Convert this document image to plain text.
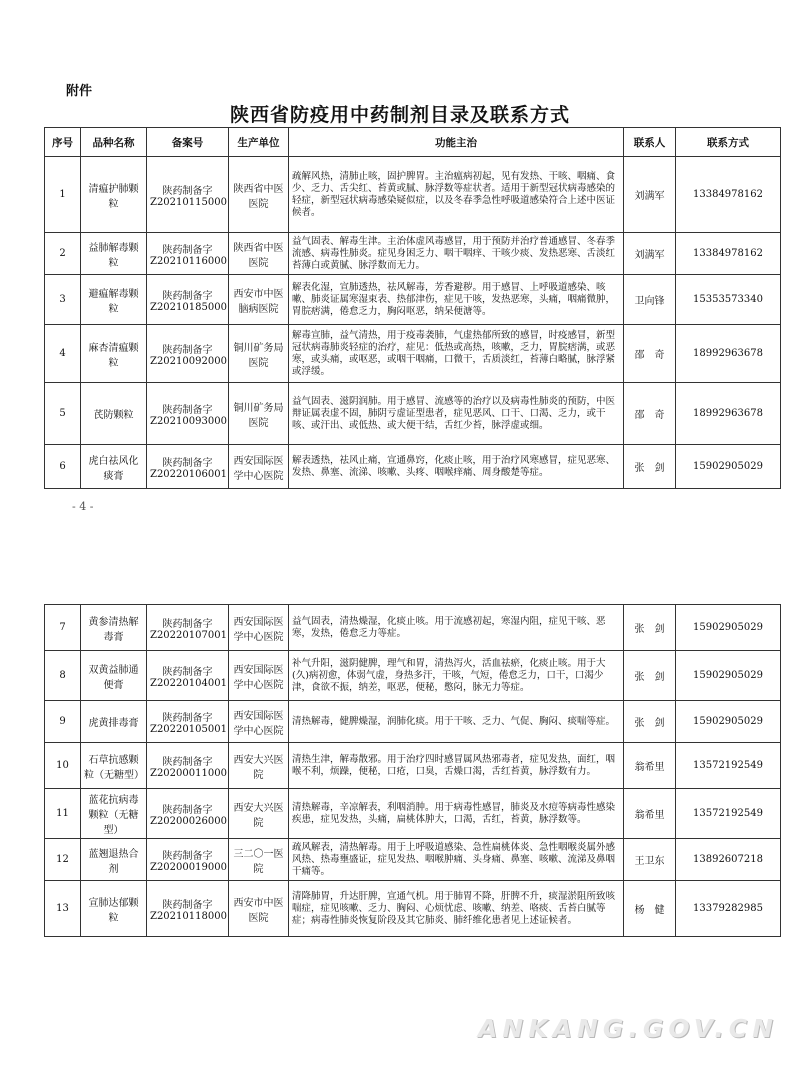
附件
陕西省防疫用中药制剂目录及联系方式
序号	品种名称	备案号	生产单位	功能主治	联系人	联系方式
1	清瘟护肺颗粒	陕药制备字Z20210115000	陕西省中医医院	疏解风热，清肺止咳，固护脾胃。主治瘟病初起，见有发热、干咳、咽痛、食少、乏力、舌尖红、苔黄或腻、脉浮数等症状者。适用于新型冠状病毒感染的轻症，新型冠状病毒感染疑似症，以及冬春季急性呼吸道感染符合上述中医证候者。	刘满军	13384978162
2	益肺解毒颗粒	陕药制备字Z20210116000	陕西省中医医院	益气固表、解毒生津。主治体虚风毒感冒，用于预防并治疗普通感冒、冬春季流感、病毒性肺炎。症见身困乏力、咽干咽痒、干咳少痰、发热恶寒、舌淡红苔薄白或黄腻、脉浮数而无力。	刘满军	13384978162
3	避瘟解毒颗粒	陕药制备字Z20210185000	西安市中医脑病医院	解表化湿，宣肺透热，祛风解毒，芳香避秽。用于感冒、上呼吸道感染、咳嗽、肺炎证属寒湿束表、热郁津伤，症见干咳，发热恶寒，头痛，咽痛微肿，胃脘痞满，倦怠乏力，胸闷呕恶，纳呆便溏等。	卫向锋	15353573340
4	麻杏清瘟颗粒	陕药制备字Z20210092000	铜川矿务局医院	解毒宣肺，益气清热，用于疫毒袭肺，气虚热郁所致的感冒，时疫感冒，新型冠状病毒肺炎轻症的治疗，症见：低热或高热，咳嗽，乏力，胃脘痞满，或恶寒，或头痛，或呕恶，或咽干咽痛，口微干，舌质淡红，苔薄白略腻，脉浮紧或浮缓。	邵　奇	18992963678
5	芪防颗粒	陕药制备字Z20210093000	铜川矿务局医院	益气固表、滋阴润肺。用于感冒、流感等的治疗以及病毒性肺炎的预防，中医辩证属表虚不固，肺阴亏虚证型患者，症见恶风、口干、口渴、乏力，或干咳、或汗出、或低热、或大便干结，舌红少苔，脉浮虚或细。	邵　奇	18992963678
6	虎白祛风化痰膏	陕药制备字Z20220106001	西安国际医学中心医院	解表透热，祛风止痛，宣通鼻窍，化痰止咳，用于治疗风寒感冒，症见恶寒、发热、鼻塞、流涕、咳嗽、头疼、咽喉痒痛、周身酸楚等症。	张　剑	15902905029
- 4 -
7	黄参清热解毒膏	陕药制备字Z20220107001	西安国际医学中心医院	益气固表，清热燥湿，化痰止咳。用于流感初起，寒湿内阻，症见干咳、恶寒，发热，倦怠乏力等症。	张　剑	15902905029
8	双黄益肺通便膏	陕药制备字Z20220104001	西安国际医学中心医院	补气升阳，滋阴健脾，理气和胃，清热泻火，活血祛瘀，化痰止咳。用于大(久)病初愈，体弱气虚，身热多汗，干咳，气短，倦怠乏力，口干，口渴少津，食欲不振，纳差，呕恶，便秘，憋闷，脉无力等症。	张　剑	15902905029
9	虎黄排毒膏	陕药制备字Z20220105001	西安国际医学中心医院	清热解毒，健脾燥湿，润肺化痰。用于干咳、乏力、气促、胸闷、痰喘等症。	张　剑	15902905029
10	石草抗感颗粒（无糖型）	陕药制备字Z20200011000	西安大兴医院	清热生津，解毒散邪。用于治疗四时感冒属风热邪毒者，症见发热，面红，咽喉不利，烦躁，便秘，口疮，口臭，舌燥口渴，舌红苔黄，脉浮数有力。	翁希里	13572192549
11	蓝花抗病毒颗粒（无糖型）	陕药制备字Z20200026000	西安大兴医院	清热解毒，辛凉解表，利咽消肿。用于病毒性感冒，肺炎及水痘等病毒性感染疾患，症见发热，头痛，扁桃体肿大，口渴，舌红，苔黄，脉浮数等。	翁希里	13572192549
12	蓝翘退热合剂	陕药制备字Z20200019000	三二〇一医院	疏风解表，清热解毒。用于上呼吸道感染、急性扁桃体炎、急性咽喉炎属外感风热、热毒壅盛证，症见发热、咽喉肿痛、头身痛、鼻塞、咳嗽、流涕及鼻咽干痛等。	王卫东	13892607218
13	宣肺达郁颗粒	陕药制备字Z20210118000	西安市中医医院	清降肺胃，升达肝脾，宣通气机。用于肺胃不降，肝脾不升，痰湿淤阻所致咳喘症，症见咳嗽、乏力、胸闷、心烦忧虑、咳嗽、纳差、咯痰、舌苔白腻等症；病毒性肺炎恢复阶段及其它肺炎、肺纤维化患者见上述证候者。	杨　健	13379282985
ANKANG.GOV.CN
